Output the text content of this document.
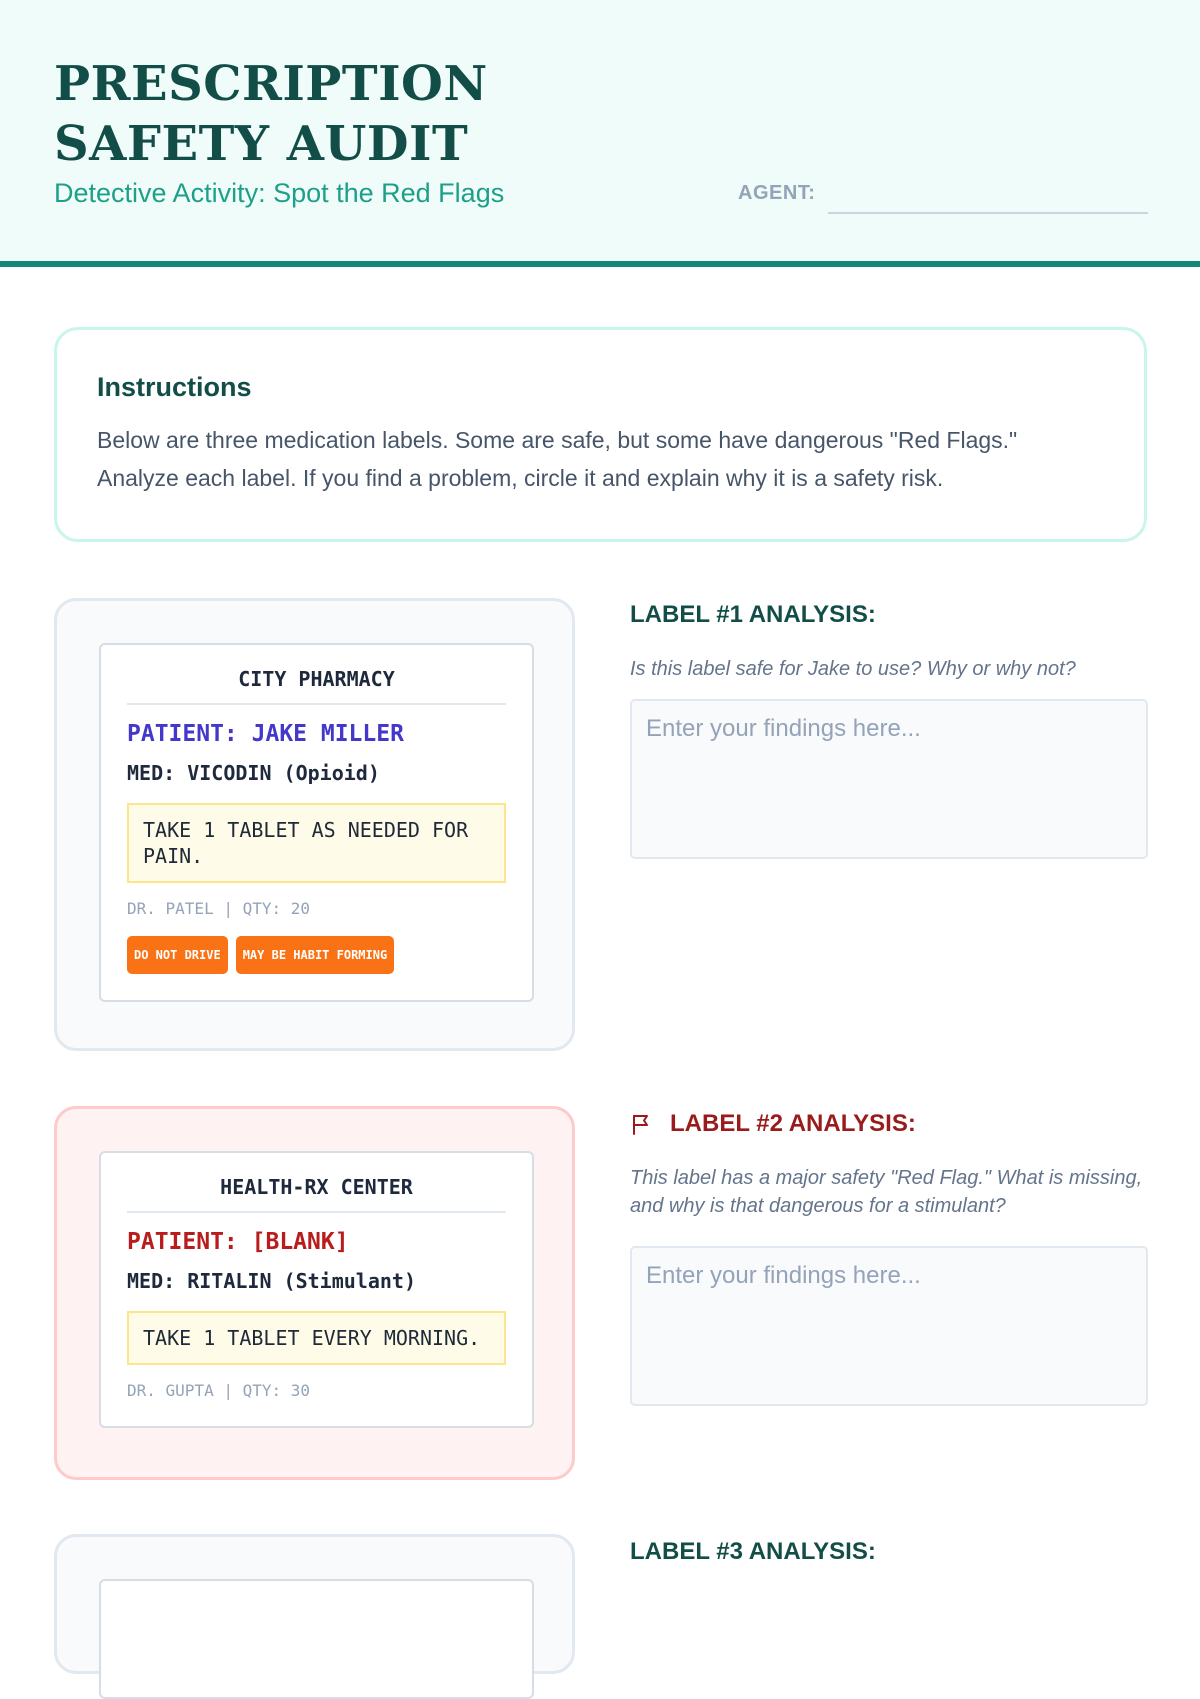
PRESCRIPTION SAFETY AUDIT
Detective Activity: Spot the Red Flags	AGENT:
Instructions

Below are three medication labels. Some are safe, but some have dangerous "Red Flags." Analyze each label. If you find a problem, circle it and explain why it is a safety risk.

CITY PHARMACY
PATIENT: JAKE MILLER
MED: VICODIN (Opioid)
TAKE 1 TABLET AS NEEDED FOR PAIN.
DR. PATEL | QTY: 20
DO NOT DRIVE	MAY BE HABIT FORMING
LABEL #1 ANALYSIS:

Is this label safe for Jake to use? Why or why not?

Enter your findings here...
HEALTH-RX CENTER
PATIENT: [BLANK]
MED: RITALIN (Stimulant)
TAKE 1 TABLET EVERY MORNING.
DR. GUPTA | QTY: 30
LABEL #2 ANALYSIS:

This label has a major safety "Red Flag." What is missing, and why is that dangerous for a stimulant?

Enter your findings here...
LABEL #3 ANALYSIS:
